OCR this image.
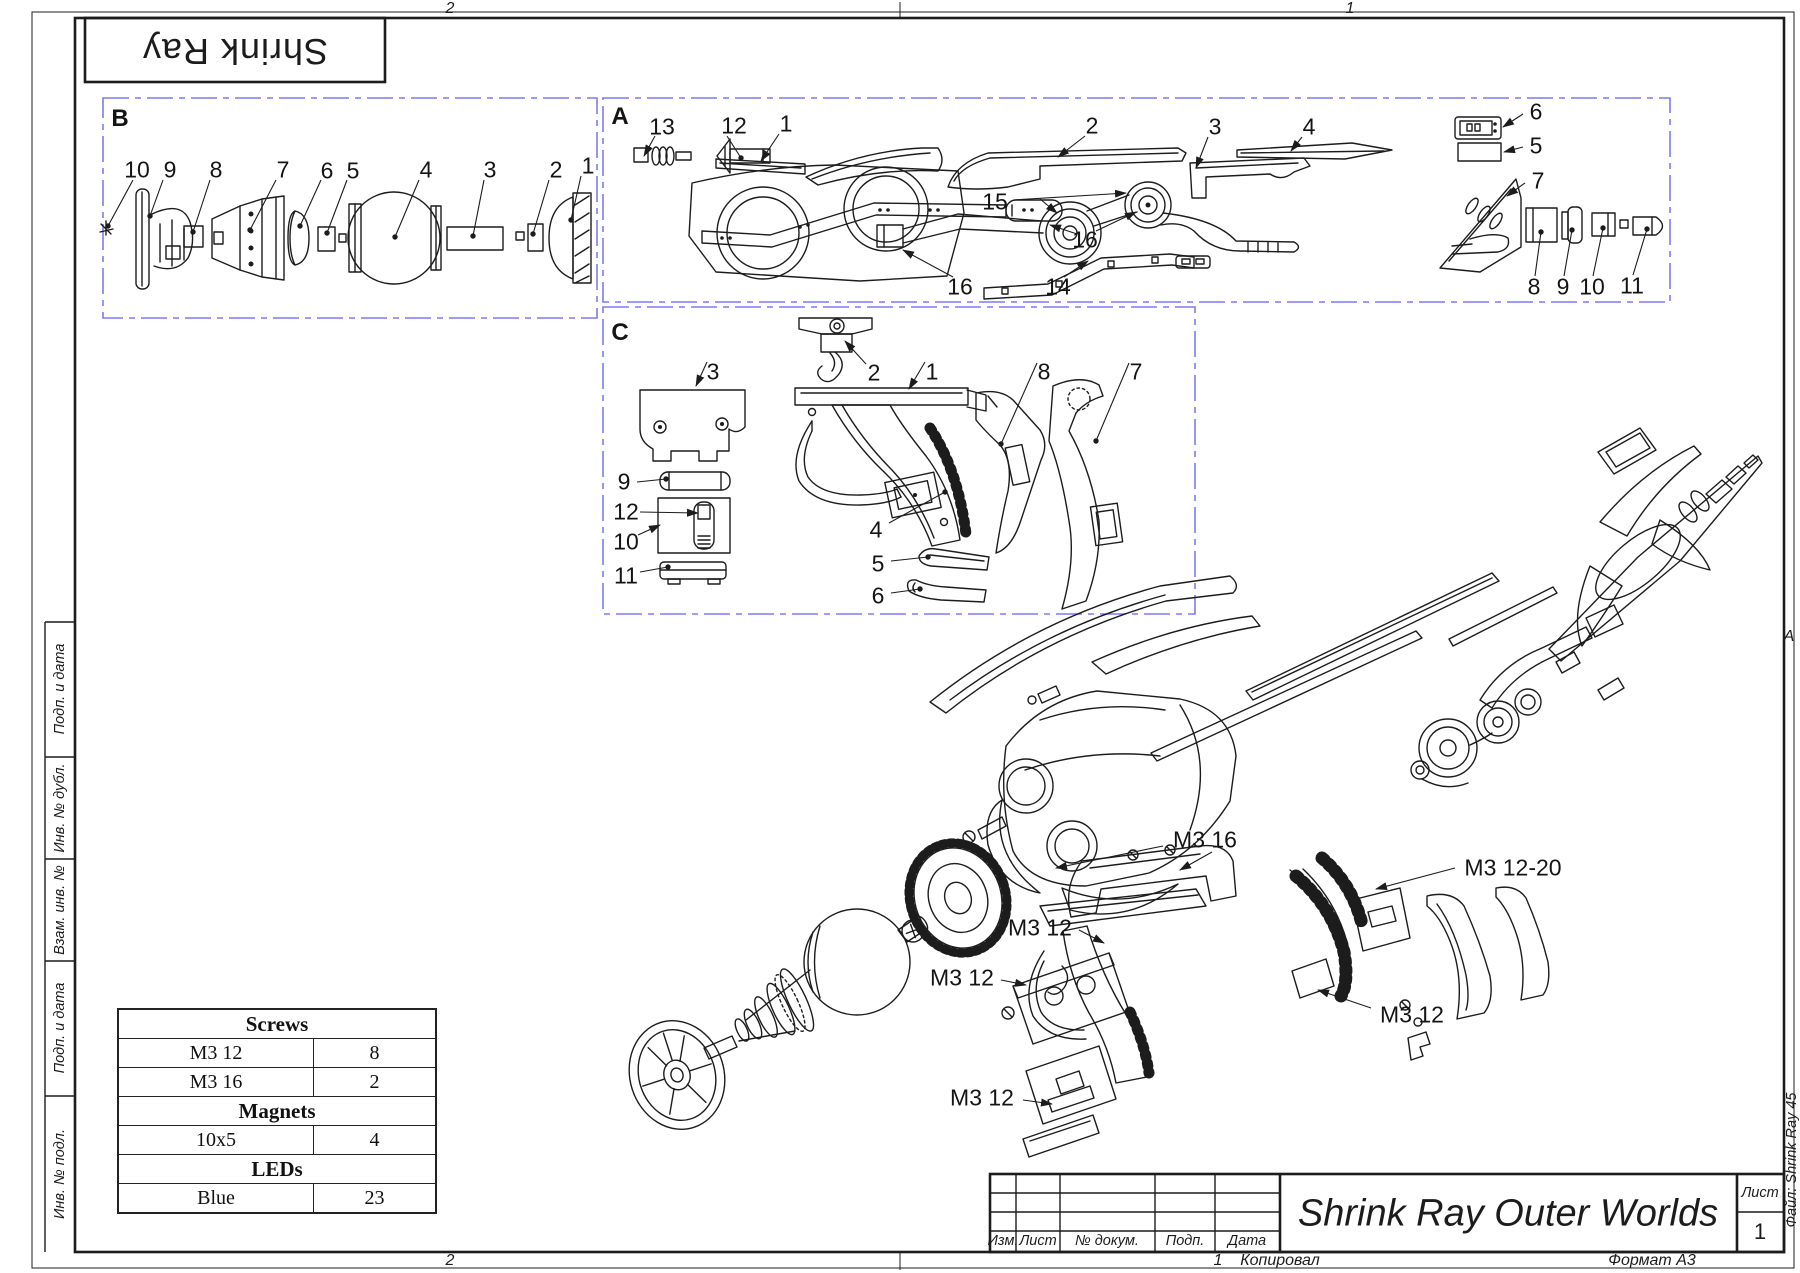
B
10 9 8 7 6 5	4 3 2 1
A 13 12 1	2	3	4
15
16
16	14
6
5
7
8 9 10 11
C
3	2 1	8	7
9
12
10
11
4
5
6
M3 16
M3 12-20
M3 12
M3 12
M3 12
M3 12
Shrink Ray
2	1
2
A
Файл: Shrink Ray 45
Подп. и дата
Инв. № дубл.
Взам. инв. №
Подп. и дата
Инв. № подл.
Screws	
M3 12	8
M3 16	2
Magnets	
10x5	4
LEDs	
Blue	23
Изм. Лист № докум. Подп. Дата
Shrink Ray Outer Worlds Лист
1
1 Копировал	Формат А3
